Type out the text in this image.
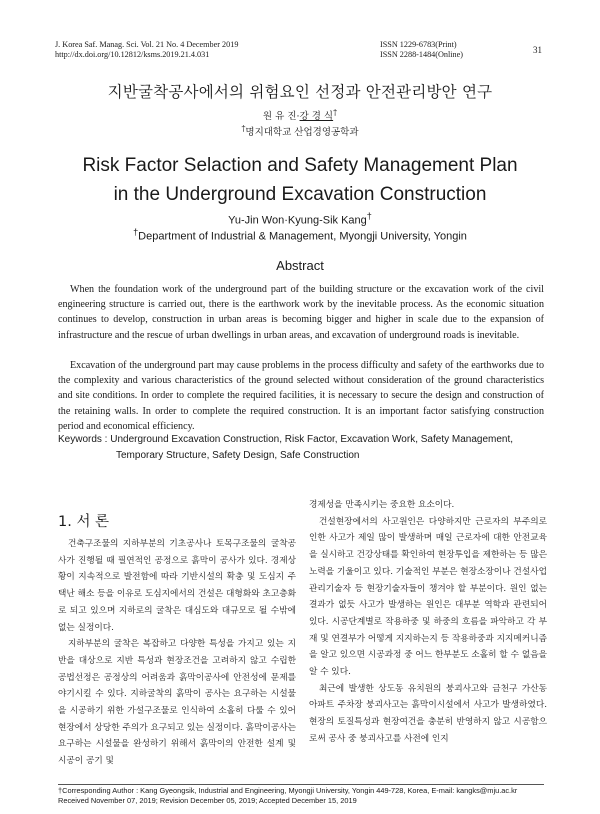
J. Korea Saf. Manag. Sci. Vol. 21 No. 4 December 2019
http://dx.doi.org/10.12812/ksms.2019.21.4.031
ISSN 1229-6783(Print)
ISSN 2288-1484(Online)	31
지반굴착공사에서의 위험요인 선정과 안전관리방안 연구
원 유 진·강 경 식†
†명지대학교 산업경영공학과
Risk Factor Selaction and Safety Management Plan
in the Underground Excavation Construction
Yu-Jin Won·Kyung-Sik Kang†
†Department of Industrial & Management, Myongji University, Yongin
Abstract

When the foundation work of the underground part of the building structure or the excavation work of the civil engineering structure is carried out, there is the earthwork work by the inevitable process. As the economic situation continues to develop, construction in urban areas is becoming bigger and higher in scale due to the expansion of infrastructure and the rescue of urban dwellings in urban areas, and excavation of underground roads is inevitable.

Excavation of the underground part may cause problems in the process difficulty and safety of the earthworks due to the complexity and various characteristics of the ground selected without consideration of the ground characteristics and site conditions. In order to complete the required facilities, it is necessary to secure the design and construction of the retaining walls. In order to complete the required construction. It is an important factor satisfying construction period and economical efficiency.

Keywords : Underground Excavation Construction, Risk Factor, Excavation Work, Safety Management,
Temporary Structure, Safety Design, Safe Construction
1. 서 론

건축구조물의 지하부분의 기초공사나 토목구조물의 굴착공사가 진행될 때 필연적인 공정으로 흙막이 공사가 있다. 경제상황이 지속적으로 발전함에 따라 기반시설의 확충 및 도심지 주택난 해소 등을 이유로 도심지에서의 건설은 대형화와 초고층화로 되고 있으며 지하로의 굴착은 대심도와 대규모로 될 수밖에 없는 실정이다.

지하부분의 굴착은 복잡하고 다양한 특성을 가지고 있는 지반을 대상으로 지반 특성과 현장조건을 고려하지 않고 수립한 공법선정은 공정상의 어려움과 흙막이공사에 안전성에 문제를 야기시킬 수 있다. 지하굴착의 흙막이 공사는 요구하는 시설물을 시공하기 위한 가설구조물로 인식하여 소홀히 다룰 수 있어 현장에서 상당한 주의가 요구되고 있는 실정이다. 흙막이공사는 요구하는 시설물을 완성하기 위해서 흙막이의 안전한 설계 및 시공이 공기 및

경제성을 만족시키는 중요한 요소이다.

건설현장에서의 사고원인은 다양하지만 근로자의 부주의로 인한 사고가 제일 많이 발생하며 매일 근로자에 대한 안전교육을 실시하고 건강상태를 확인하여 현장투입을 제한하는 등 많은 노력을 기울이고 있다. 기술적인 부분은 현장소장이나 건설사업관리기술자 등 현장기술자들이 챙겨야 할 부분이다. 원인 없는 결과가 없듯 사고가 발생하는 원인은 대부분 역학과 관련되어 있다. 시공단계별로 작용하중 및 하중의 흐름을 파악하고 각 부재 및 연결부가 어떻게 지지하는지 등 작용하중과 지지메커니즘을 알고 있으면 시공과정 중 어느 한부분도 소홀히 할 수 없음을 알 수 있다.

최근에 발생한 상도동 유치원의 붕괴사고와 금천구 가산동 아파트 주차장 붕괴사고는 흙막이시설에서 사고가 발생하였다. 현장의 토질특성과 현장여건을 충분히 반영하지 않고 시공함으로써 공사 중 붕괴사고를 사전에 인지

†Corresponding Author : Kang Gyeongsik, Industrial and Engineering, Myongji University, Yongin 449-728, Korea, E-mail: kangks@mju.ac.kr
Received November 07, 2019; Revision December 05, 2019; Accepted December 15, 2019
